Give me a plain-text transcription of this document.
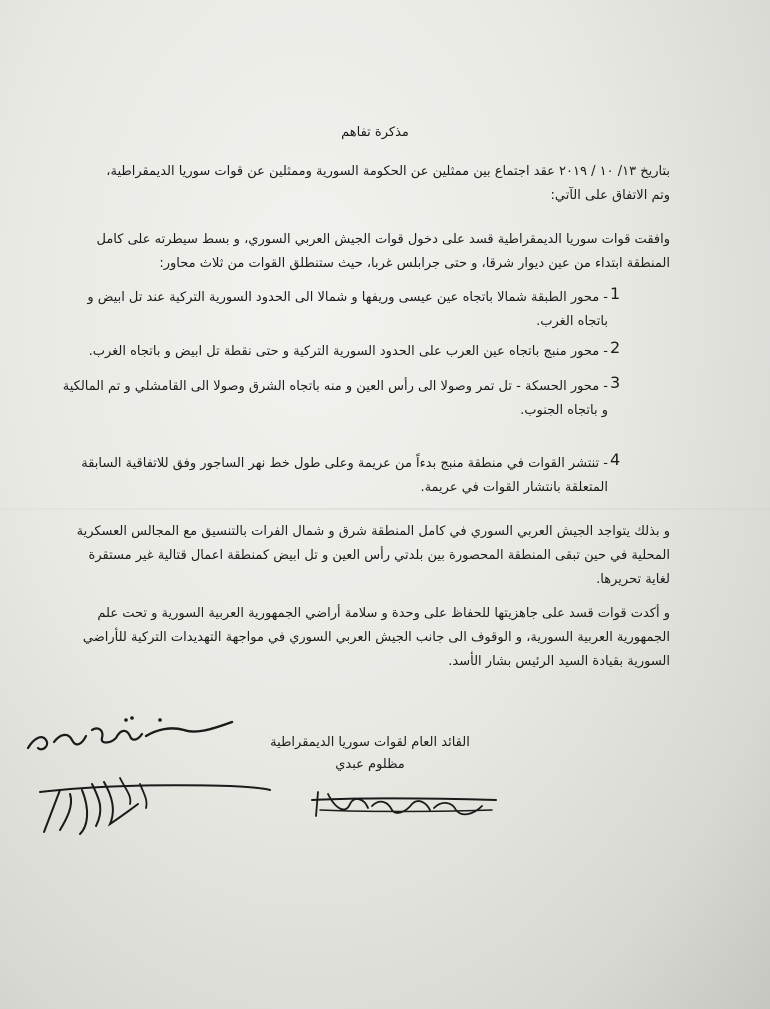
مذكرة تفاهم
بتاريخ ١٣/ ١٠ / ٢٠١٩ عقد اجتماع بين ممثلين عن الحكومة السورية وممثلين عن قوات سوريا الديمقراطية،
وتم الاتفاق على الآتي:
وافقت قوات سوريا الديمقراطية قسد على دخول قوات الجيش العربي السوري، و بسط سيطرته على كامل
المنطقة ابتداء من عين ديوار شرقا، و حتى جرابلس غربا، حيث ستنطلق القوات من ثلاث محاور:
1
- محور الطبقة شمالا باتجاه عين عيسى وريفها و شمالا الى الحدود السورية التركية عند تل ابيض و
باتجاه الغرب.
2
- محور منبج باتجاه عين العرب على الحدود السورية التركية و حتى نقطة تل ابيض و باتجاه الغرب.
3
- محور الحسكة - تل تمر وصولا الى رأس العين و منه باتجاه الشرق وصولا الى القامشلي و تم المالكية
و باتجاه الجنوب.
4
- تنتشر القوات في منطقة منبج بدءاً من عريمة وعلى طول خط نهر الساجور وفق للاتفاقية السابقة
المتعلقة بانتشار القوات في عريمة.
و بذلك يتواجد الجيش العربي السوري في كامل المنطقة شرق و شمال الفرات بالتنسيق مع المجالس العسكرية
المحلية في حين تبقى المنطقة المحصورة بين بلدتي رأس العين و تل ابيض كمنطقة اعمال قتالية غير مستقرة
لغاية تحريرها.
و أكدت قوات قسد على جاهزيتها للحفاظ على وحدة و سلامة أراضي الجمهورية العربية السورية و تحت علم
الجمهورية العربية السورية، و الوقوف الى جانب الجيش العربي السوري في مواجهة التهديدات التركية للأراضي
السورية بقيادة السيد الرئيس بشار الأسد.
القائد العام لقوات سوريا الديمقراطية
مظلوم عبدي
